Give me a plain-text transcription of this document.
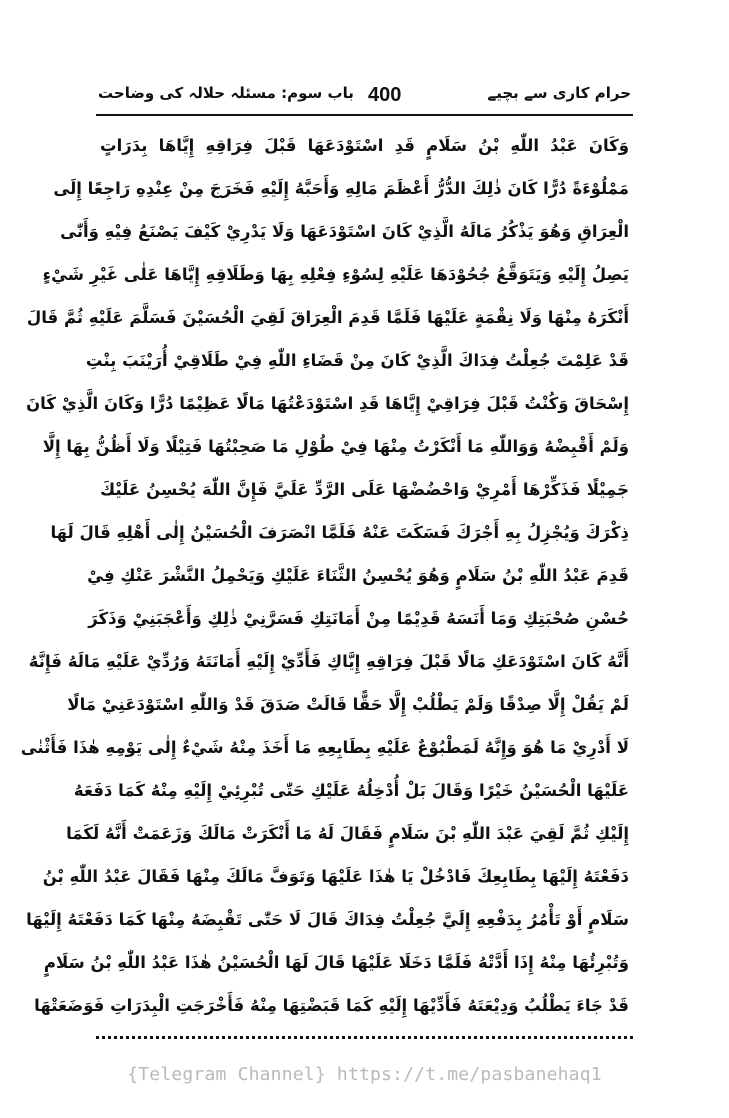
باب سوم: مسئلہ حلالہ کی وضاحت 400	حرام کاری سے بچیے
وَكَانَ عَبْدُ اللّٰهِ بْنُ سَلَامٍ قَدِ اسْتَوْدَعَهَا قَبْلَ فِرَاقِهِ إِيَّاهَا بِدَرَاتٍ
مَمْلُوْءَةً دُرًّا كَانَ ذٰلِكَ الدُّرُّ أَعْظَمَ مَالِهِ وَأَحَبَّهُ إِلَيْهِ فَخَرَجَ مِنْ عِنْدِهِ رَاجِعًا إِلَى
الْعِرَاقِ وَهُوَ يَذْكُرُ مَالَهُ الَّذِيْ كَانَ اسْتَوْدَعَهَا وَلَا يَدْرِيْ كَيْفَ يَصْنَعُ فِيْهِ وَأَنّٰى
يَصِلُ إِلَيْهِ وَيَتَوَقَّعُ جُحُوْدَهَا عَلَيْهِ لِسُوْءِ فِعْلِهِ بِهَا وَطَلَاقِهِ إِيَّاهَا عَلٰى غَيْرِ شَيْءٍ
أَنْكَرَهُ مِنْهَا وَلَا نِقْمَةٍ عَلَيْهَا فَلَمَّا قَدِمَ الْعِرَاقَ لَقِيَ الْحُسَيْنَ فَسَلَّمَ عَلَيْهِ ثُمَّ قَالَ
قَدْ عَلِمْتَ جُعِلْتُ فِدَاكَ الَّذِيْ كَانَ مِنْ قَضَاءِ اللّٰهِ فِيْ طَلَاقِيْ أُرَيْنَبَ بِنْتِ
إِسْحَاقَ وَكُنْتُ قَبْلَ فِرَاقِيْ إِيَّاهَا قَدِ اسْتَوْدَعْتُهَا مَالًا عَظِيْمًا دُرًّا وَكَانَ الَّذِيْ كَانَ
وَلَمْ أَقْبِضْهُ وَوَاللّٰهِ مَا أَنْكَرْتُ مِنْهَا فِيْ طُوْلِ مَا صَحِبْتُهَا فَتِيْلًا وَلَا أَظُنُّ بِهَا إِلَّا
جَمِيْلًا فَذَكِّرْهَا أَمْرِيْ وَاحْضُضْهَا عَلَى الرَّدِّ عَلَيَّ فَإِنَّ اللّٰهَ يُحْسِنُ عَلَيْكَ
ذِكْرَكَ وَيُجْزِلُ بِهِ أَجْرَكَ فَسَكَتَ عَنْهُ فَلَمَّا انْصَرَفَ الْحُسَيْنُ إِلٰى أَهْلِهِ قَالَ لَهَا
قَدِمَ عَبْدُ اللّٰهِ بْنُ سَلَامٍ وَهُوَ يُحْسِنُ الثَّنَاءَ عَلَيْكِ وَيَحْمِلُ النَّشْرَ عَنْكِ فِيْ
حُسْنِ صُحْبَتِكِ وَمَا أَنَسَهُ قَدِيْمًا مِنْ أَمَانَتِكِ فَسَرَّنِيْ ذٰلِكِ وَأَعْجَبَنِيْ وَذَكَرَ
أَنَّهُ كَانَ اسْتَوْدَعَكِ مَالًا قَبْلَ فِرَاقِهِ إِيَّاكِ فَأَدِّيْ إِلَيْهِ أَمَانَتَهُ وَرُدِّيْ عَلَيْهِ مَالَهُ فَإِنَّهُ
لَمْ يَقُلْ إِلَّا صِدْقًا وَلَمْ يَطْلُبْ إِلَّا حَقًّا قَالَتْ صَدَقَ قَدْ وَاللّٰهِ اسْتَوْدَعَنِيْ مَالًا
لَا أَدْرِيْ مَا هُوَ وَإِنَّهُ لَمَطْبُوْعٌ عَلَيْهِ بِطَابِعِهِ مَا أَخَذَ مِنْهُ شَيْءٌ إِلٰى يَوْمِهِ هٰذَا فَأَثْنٰى
عَلَيْهَا الْحُسَيْنُ خَيْرًا وَقَالَ بَلْ أُدْخِلُهُ عَلَيْكِ حَتّٰى تُبْرِئِيْ إِلَيْهِ مِنْهُ كَمَا دَفَعَهُ
إِلَيْكِ ثُمَّ لَقِيَ عَبْدَ اللّٰهِ بْنَ سَلَامٍ فَقَالَ لَهُ مَا أَنْكَرَتْ مَالَكَ وَزَعَمَتْ أَنَّهُ لَكَمَا
دَفَعْتَهُ إِلَيْهَا بِطَابِعِكَ فَادْخُلْ يَا هٰذَا عَلَيْهَا وَتَوَفَّ مَالَكَ مِنْهَا فَقَالَ عَبْدُ اللّٰهِ بْنُ
سَلَامٍ أَوْ تَأْمُرُ بِدَفْعِهِ إِلَيَّ جُعِلْتُ فِدَاكَ قَالَ لَا حَتّٰى تَقْبِضَهُ مِنْهَا كَمَا دَفَعْتَهُ إِلَيْهَا
وَتُبْرِئُهَا مِنْهُ إِذَا أَدَّتْهُ فَلَمَّا دَخَلَا عَلَيْهَا قَالَ لَهَا الْحُسَيْنُ هٰذَا عَبْدُ اللّٰهِ بْنُ سَلَامٍ
قَدْ جَاءَ يَطْلُبُ وَدِيْعَتَهُ فَأَدِّيْهَا إِلَيْهِ كَمَا قَبَضْتِهَا مِنْهُ فَأَخْرَجَتِ الْبِدَرَاتِ فَوَضَعَتْهَا
{Telegram Channel} https://t.me/pasbanehaq1
